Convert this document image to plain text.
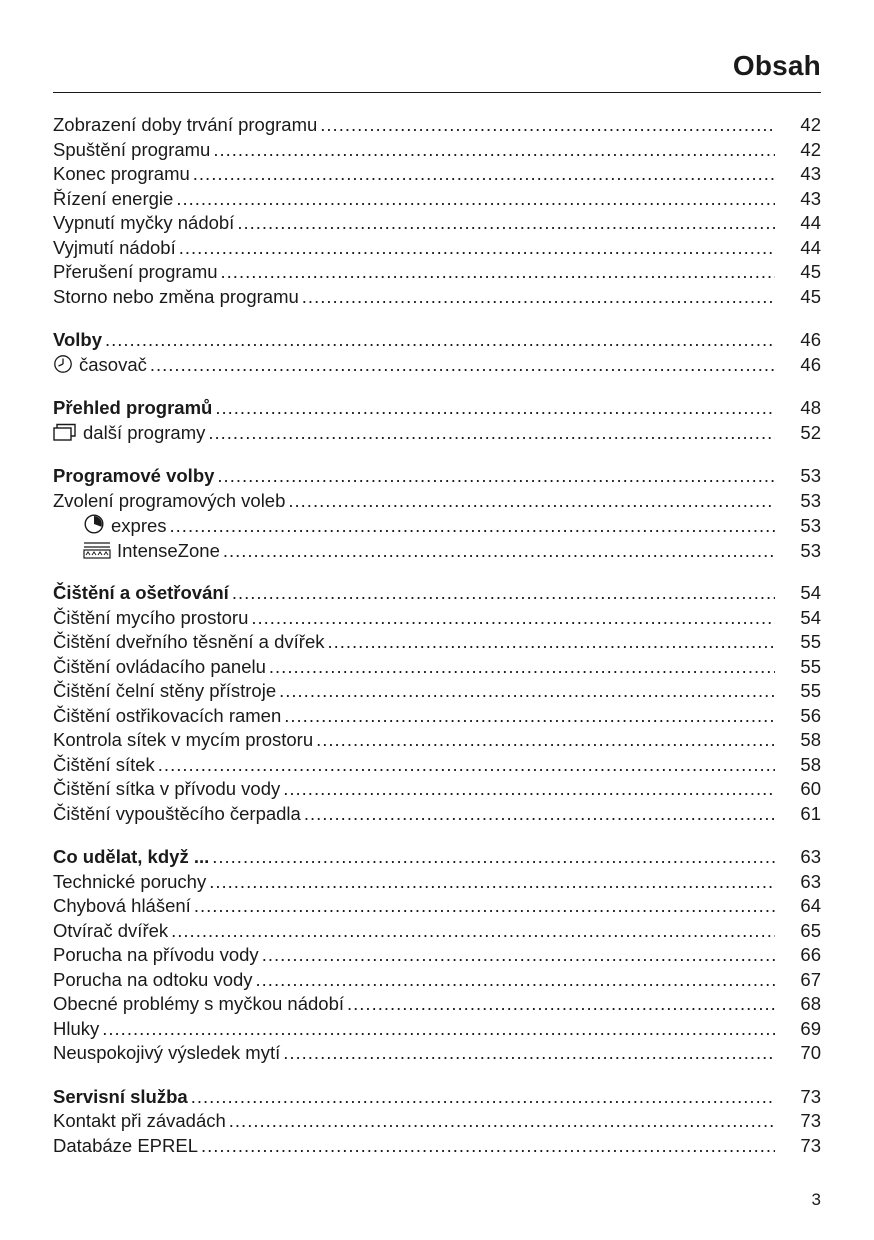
Obsah
Zobrazení doby trvání programu .....	42
Spuštění programu .....	42
Konec programu .....	43
Řízení energie .....	43
Vypnutí myčky nádobí .....	44
Vyjmutí nádobí .....	44
Přerušení programu .....	45
Storno nebo změna programu .....	45
Volby .....	46
časovač .....	46
Přehled programů .....	48
další programy .....	52
Programové volby .....	53
Zvolení programových voleb .....	53
expres .....	53
IntenseZone .....	53
Čištění a ošetřování .....	54
Čištění mycího prostoru .....	54
Čištění dveřního těsnění a dvířek .....	55
Čištění ovládacího panelu .....	55
Čištění čelní stěny přístroje .....	55
Čištění ostřikovacích ramen .....	56
Kontrola sítek v mycím prostoru .....	58
Čištění sítek .....	58
Čištění sítka v přívodu vody .....	60
Čištění vypouštěcího čerpadla .....	61
Co udělat, když ... .....	63
Technické poruchy .....	63
Chybová hlášení .....	64
Otvírač dvířek .....	65
Porucha na přívodu vody .....	66
Porucha na odtoku vody .....	67
Obecné problémy s myčkou nádobí .....	68
Hluky .....	69
Neuspokojivý výsledek mytí .....	70
Servisní služba .....	73
Kontakt při závadách .....	73
Databáze EPREL .....	73
3
